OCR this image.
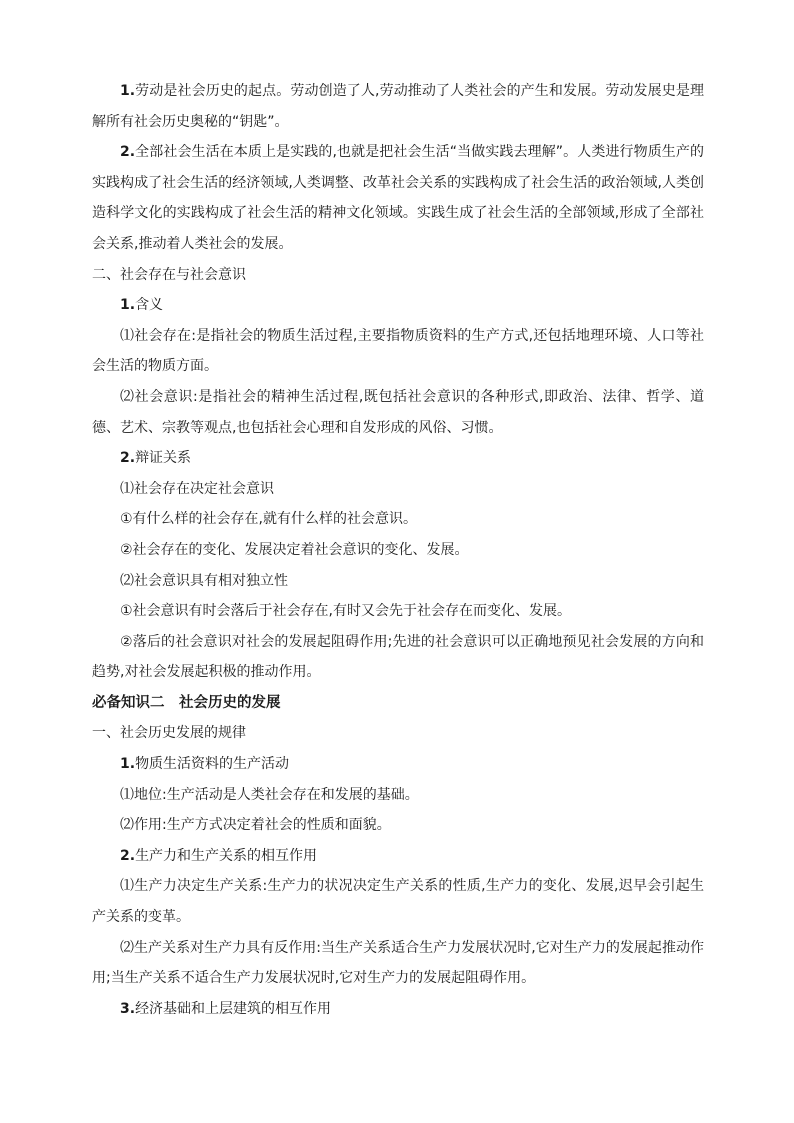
1.劳动是社会历史的起点。劳动创造了人,劳动推动了人类社会的产生和发展。劳动发展史是理解所有社会历史奥秘的“钥匙”。

2.全部社会生活在本质上是实践的,也就是把社会生活“当做实践去理解”。人类进行物质生产的实践构成了社会生活的经济领域,人类调整、改革社会关系的实践构成了社会生活的政治领域,人类创造科学文化的实践构成了社会生活的精神文化领域。实践生成了社会生活的全部领域,形成了全部社会关系,推动着人类社会的发展。

二、社会存在与社会意识

1.含义

⑴社会存在:是指社会的物质生活过程,主要指物质资料的生产方式,还包括地理环境、人口等社会生活的物质方面。

⑵社会意识:是指社会的精神生活过程,既包括社会意识的各种形式,即政治、法律、哲学、道德、艺术、宗教等观点,也包括社会心理和自发形成的风俗、习惯。

2.辩证关系

⑴社会存在决定社会意识

①有什么样的社会存在,就有什么样的社会意识。

②社会存在的变化、发展决定着社会意识的变化、发展。

⑵社会意识具有相对独立性

①社会意识有时会落后于社会存在,有时又会先于社会存在而变化、发展。

②落后的社会意识对社会的发展起阻碍作用;先进的社会意识可以正确地预见社会发展的方向和趋势,对社会发展起积极的推动作用。

必备知识二　社会历史的发展

一、社会历史发展的规律

1.物质生活资料的生产活动

⑴地位:生产活动是人类社会存在和发展的基础。

⑵作用:生产方式决定着社会的性质和面貌。

2.生产力和生产关系的相互作用

⑴生产力决定生产关系:生产力的状况决定生产关系的性质,生产力的变化、发展,迟早会引起生产关系的变革。

⑵生产关系对生产力具有反作用:当生产关系适合生产力发展状况时,它对生产力的发展起推动作用;当生产关系不适合生产力发展状况时,它对生产力的发展起阻碍作用。

3.经济基础和上层建筑的相互作用
